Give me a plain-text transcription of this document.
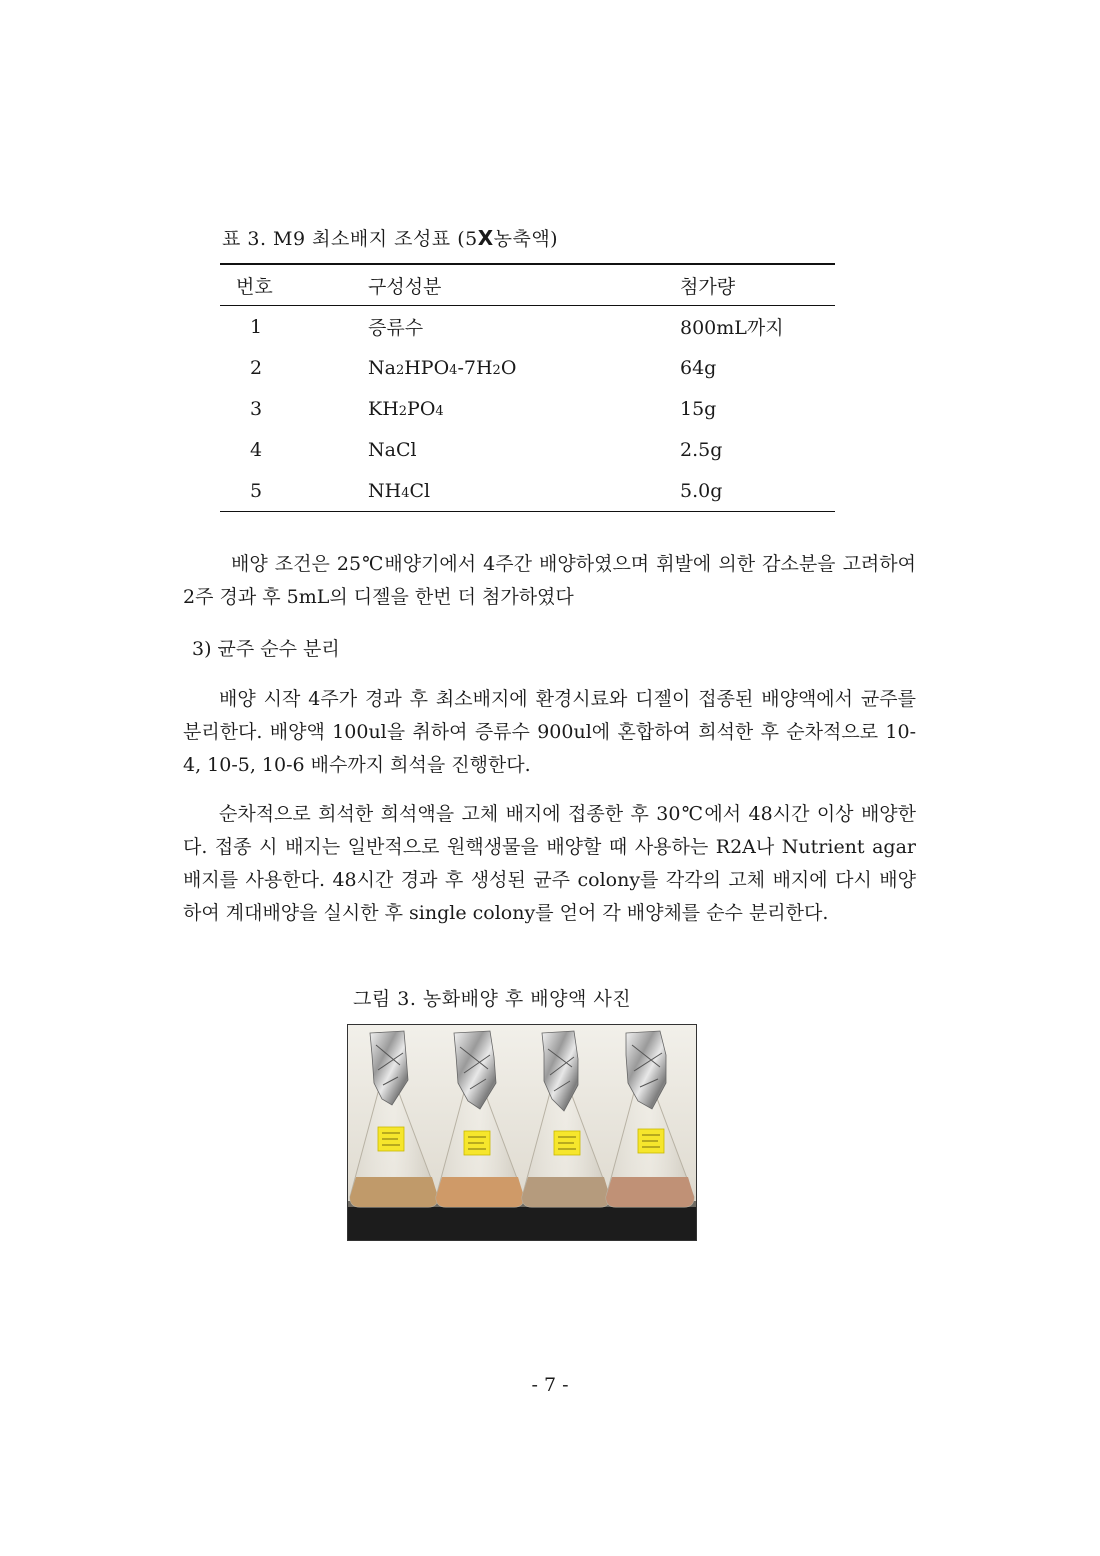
표 3. M9 최소배지 조성표 (5X농축액)
번호	구성성분	첨가량
1	증류수	800mL까지
2	Na2HPO4-7H2O	64g
3	KH2PO4	15g
4	NaCl	2.5g
5	NH4Cl	5.0g

배양 조건은 25℃배양기에서 4주간 배양하였으며 휘발에 의한 감소분을 고려하여 2주 경과 후 5mL의 디젤을 한번 더 첨가하였다

3) 균주 순수 분리

배양 시작 4주가 경과 후 최소배지에 환경시료와 디젤이 접종된 배양액에서 균주를 분리한다. 배양액 100ul을 취하여 증류수 900ul에 혼합하여 희석한 후 순차적으로 10-4, 10-5, 10-6 배수까지 희석을 진행한다.

순차적으로 희석한 희석액을 고체 배지에 접종한 후 30℃에서 48시간 이상 배양한다. 접종 시 배지는 일반적으로 원핵생물을 배양할 때 사용하는 R2A나 Nutrient agar 배지를 사용한다. 48시간 경과 후 생성된 균주 colony를 각각의 고체 배지에 다시 배양하여 계대배양을 실시한 후 single colony를 얻어 각 배양체를 순수 분리한다.

그림 3. 농화배양 후 배양액 사진
- 7 -
